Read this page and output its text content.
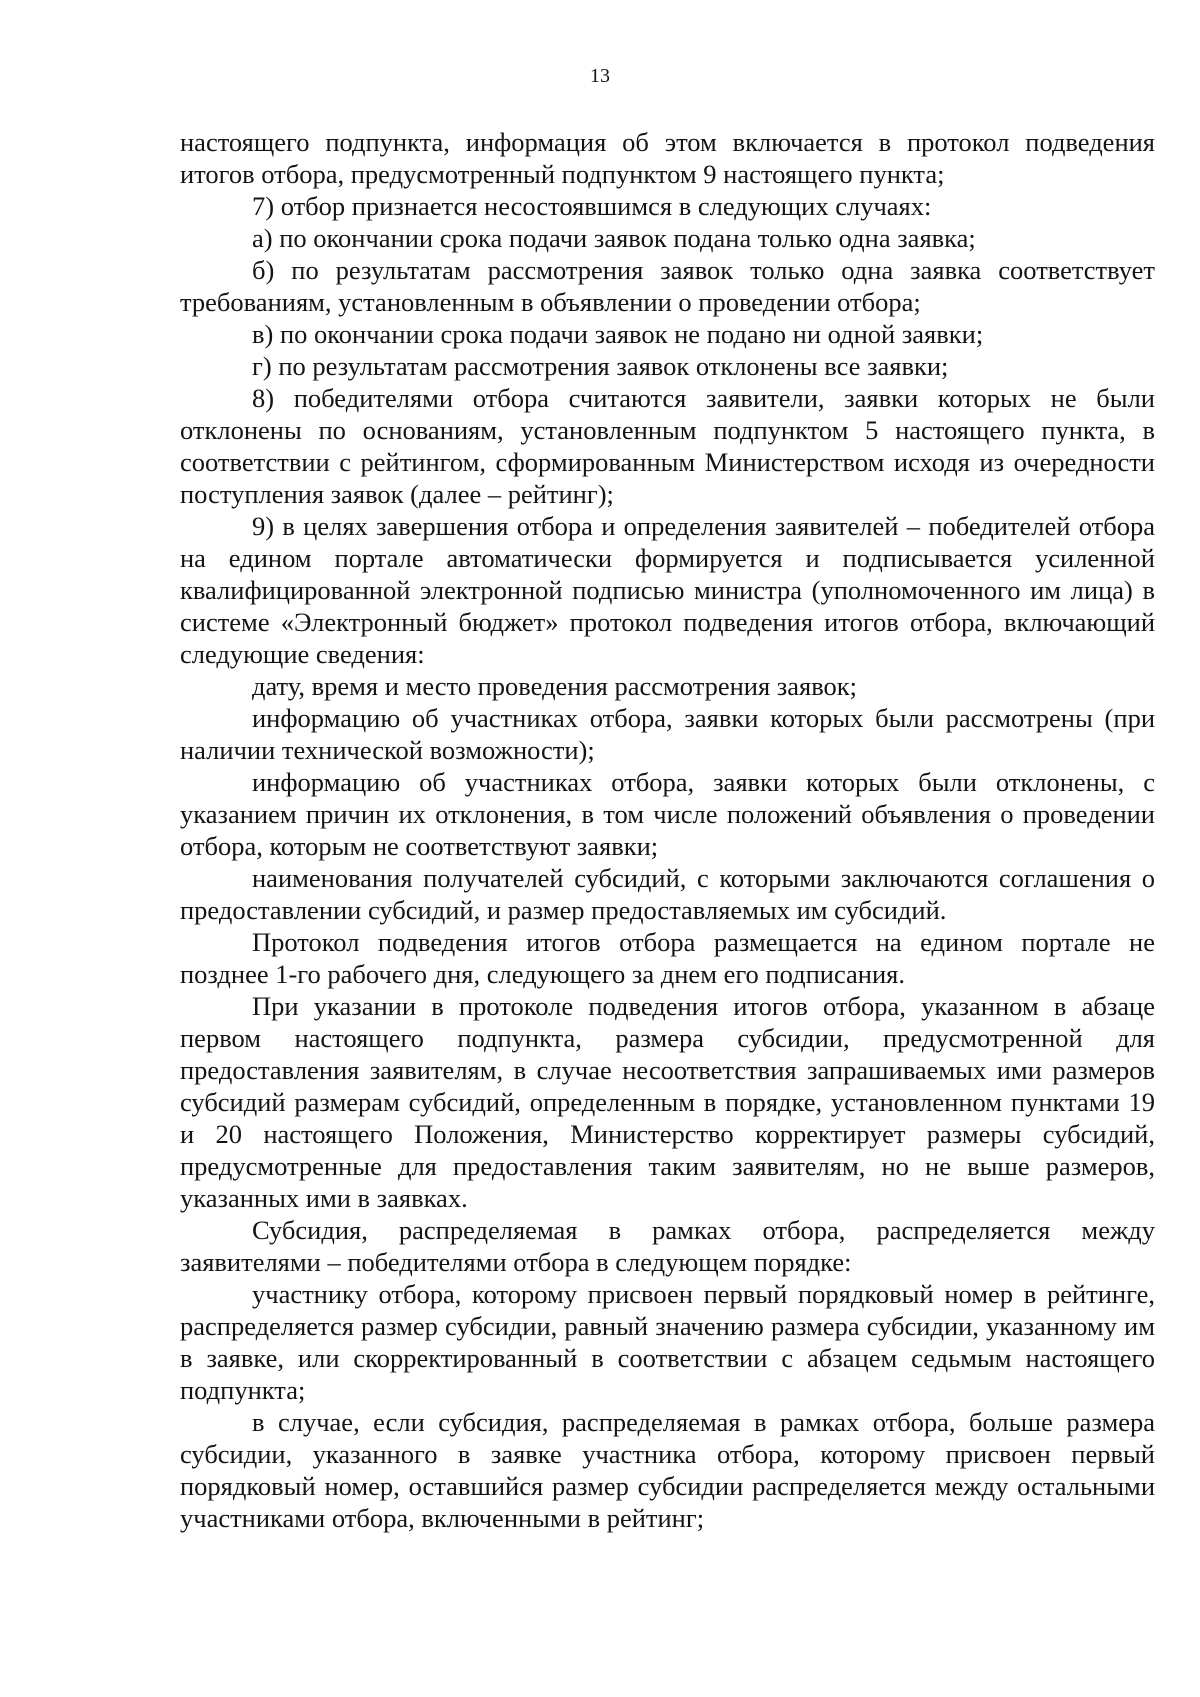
13

настоящего подпункта, информация об этом включается в протокол подведения итогов отбора, предусмотренный подпунктом 9 настоящего пункта;

7) отбор признается несостоявшимся в следующих случаях:

а) по окончании срока подачи заявок подана только одна заявка;

б) по результатам рассмотрения заявок только одна заявка соответствует требованиям, установленным в объявлении о проведении отбора;

в) по окончании срока подачи заявок не подано ни одной заявки;

г) по результатам рассмотрения заявок отклонены все заявки;

8) победителями отбора считаются заявители, заявки которых не были отклонены по основаниям, установленным подпунктом 5 настоящего пункта, в соответствии с рейтингом, сформированным Министерством исходя из очередности поступления заявок (далее – рейтинг);

9) в целях завершения отбора и определения заявителей – победителей отбора на едином портале автоматически формируется и подписывается усиленной квалифицированной электронной подписью министра (уполномоченного им лица) в системе «Электронный бюджет» протокол подведения итогов отбора, включающий следующие сведения:

дату, время и место проведения рассмотрения заявок;

информацию об участниках отбора, заявки которых были рассмотрены (при наличии технической возможности);

информацию об участниках отбора, заявки которых были отклонены, с указанием причин их отклонения, в том числе положений объявления о проведении отбора, которым не соответствуют заявки;

наименования получателей субсидий, с которыми заключаются соглашения о предоставлении субсидий, и размер предоставляемых им субсидий.

Протокол подведения итогов отбора размещается на едином портале не позднее 1-го рабочего дня, следующего за днем его подписания.

При указании в протоколе подведения итогов отбора, указанном в абзаце первом настоящего подпункта, размера субсидии, предусмотренной для предоставления заявителям, в случае несоответствия запрашиваемых ими размеров субсидий размерам субсидий, определенным в порядке, установленном пунктами 19 и 20 настоящего Положения, Министерство корректирует размеры субсидий, предусмотренные для предоставления таким заявителям, но не выше размеров, указанных ими в заявках.

Субсидия, распределяемая в рамках отбора, распределяется между заявителями – победителями отбора в следующем порядке:

участнику отбора, которому присвоен первый порядковый номер в рейтинге, распределяется размер субсидии, равный значению размера субсидии, указанному им в заявке, или скорректированный в соответствии с абзацем седьмым настоящего подпункта;

в случае, если субсидия, распределяемая в рамках отбора, больше размера субсидии, указанного в заявке участника отбора, которому присвоен первый порядковый номер, оставшийся размер субсидии распределяется между остальными участниками отбора, включенными в рейтинг;
